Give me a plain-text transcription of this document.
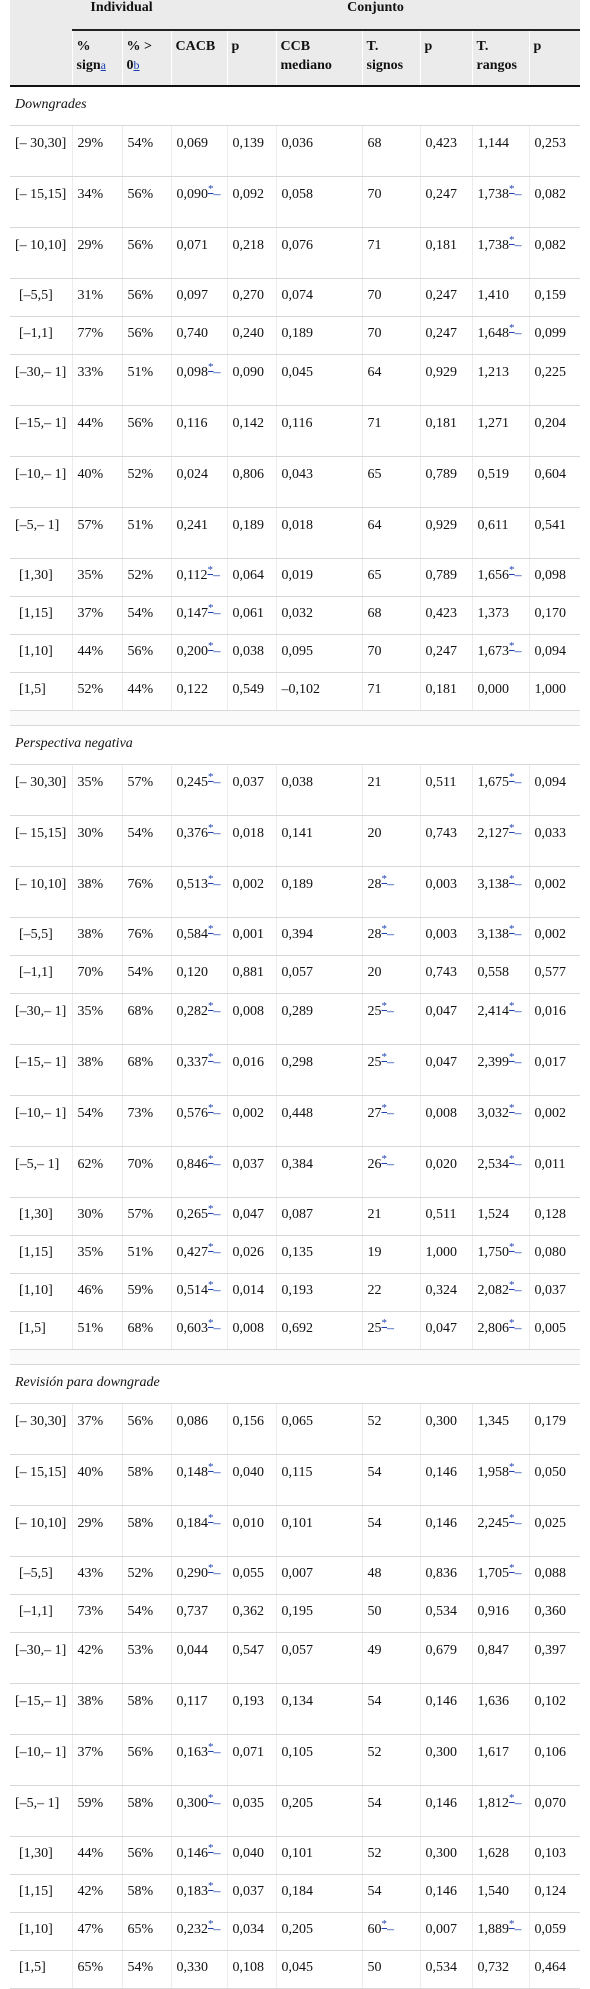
	Individual		Conjunto						
	% signa	% > 0b	CACB	p	CCB mediano	T. signos	p	T. rangos	p
Downgrades									
[– 30,30]	29%	54%	0,069	0,139	0,036	68	0,423	1,144	0,253
[– 15,15]	34%	56%	0,090*–	0,092	0,058	70	0,247	1,738*–	0,082
[– 10,10]	29%	56%	0,071	0,218	0,076	71	0,181	1,738*–	0,082
[–5,5]	31%	56%	0,097	0,270	0,074	70	0,247	1,410	0,159
[–1,1]	77%	56%	0,740	0,240	0,189	70	0,247	1,648*–	0,099
[–30,– 1]	33%	51%	0,098*–	0,090	0,045	64	0,929	1,213	0,225
[–15,– 1]	44%	56%	0,116	0,142	0,116	71	0,181	1,271	0,204
[–10,– 1]	40%	52%	0,024	0,806	0,043	65	0,789	0,519	0,604
[–5,– 1]	57%	51%	0,241	0,189	0,018	64	0,929	0,611	0,541
[1,30]	35%	52%	0,112*–	0,064	0,019	65	0,789	1,656*–	0,098
[1,15]	37%	54%	0,147*–	0,061	0,032	68	0,423	1,373	0,170
[1,10]	44%	56%	0,200*–	0,038	0,095	70	0,247	1,673*–	0,094
[1,5]	52%	44%	0,122	0,549	–0,102	71	0,181	0,000	1,000

Perspectiva negativa									
[– 30,30]	35%	57%	0,245*–	0,037	0,038	21	0,511	1,675*–	0,094
[– 15,15]	30%	54%	0,376*–	0,018	0,141	20	0,743	2,127*–	0,033
[– 10,10]	38%	76%	0,513*–	0,002	0,189	28*–	0,003	3,138*–	0,002
[–5,5]	38%	76%	0,584*–	0,001	0,394	28*–	0,003	3,138*–	0,002
[–1,1]	70%	54%	0,120	0,881	0,057	20	0,743	0,558	0,577
[–30,– 1]	35%	68%	0,282*–	0,008	0,289	25*–	0,047	2,414*–	0,016
[–15,– 1]	38%	68%	0,337*–	0,016	0,298	25*–	0,047	2,399*–	0,017
[–10,– 1]	54%	73%	0,576*–	0,002	0,448	27*–	0,008	3,032*–	0,002
[–5,– 1]	62%	70%	0,846*–	0,037	0,384	26*–	0,020	2,534*–	0,011
[1,30]	30%	57%	0,265*–	0,047	0,087	21	0,511	1,524	0,128
[1,15]	35%	51%	0,427*–	0,026	0,135	19	1,000	1,750*–	0,080
[1,10]	46%	59%	0,514*–	0,014	0,193	22	0,324	2,082*–	0,037
[1,5]	51%	68%	0,603*–	0,008	0,692	25*–	0,047	2,806*–	0,005

Revisión para downgrade									
[– 30,30]	37%	56%	0,086	0,156	0,065	52	0,300	1,345	0,179
[– 15,15]	40%	58%	0,148*–	0,040	0,115	54	0,146	1,958*–	0,050
[– 10,10]	29%	58%	0,184*–	0,010	0,101	54	0,146	2,245*–	0,025
[–5,5]	43%	52%	0,290*–	0,055	0,007	48	0,836	1,705*–	0,088
[–1,1]	73%	54%	0,737	0,362	0,195	50	0,534	0,916	0,360
[–30,– 1]	42%	53%	0,044	0,547	0,057	49	0,679	0,847	0,397
[–15,– 1]	38%	58%	0,117	0,193	0,134	54	0,146	1,636	0,102
[–10,– 1]	37%	56%	0,163*–	0,071	0,105	52	0,300	1,617	0,106
[–5,– 1]	59%	58%	0,300*–	0,035	0,205	54	0,146	1,812*–	0,070
[1,30]	44%	56%	0,146*–	0,040	0,101	52	0,300	1,628	0,103
[1,15]	42%	58%	0,183*–	0,037	0,184	54	0,146	1,540	0,124
[1,10]	47%	65%	0,232*–	0,034	0,205	60*–	0,007	1,889*–	0,059
[1,5]	65%	54%	0,330	0,108	0,045	50	0,534	0,732	0,464
